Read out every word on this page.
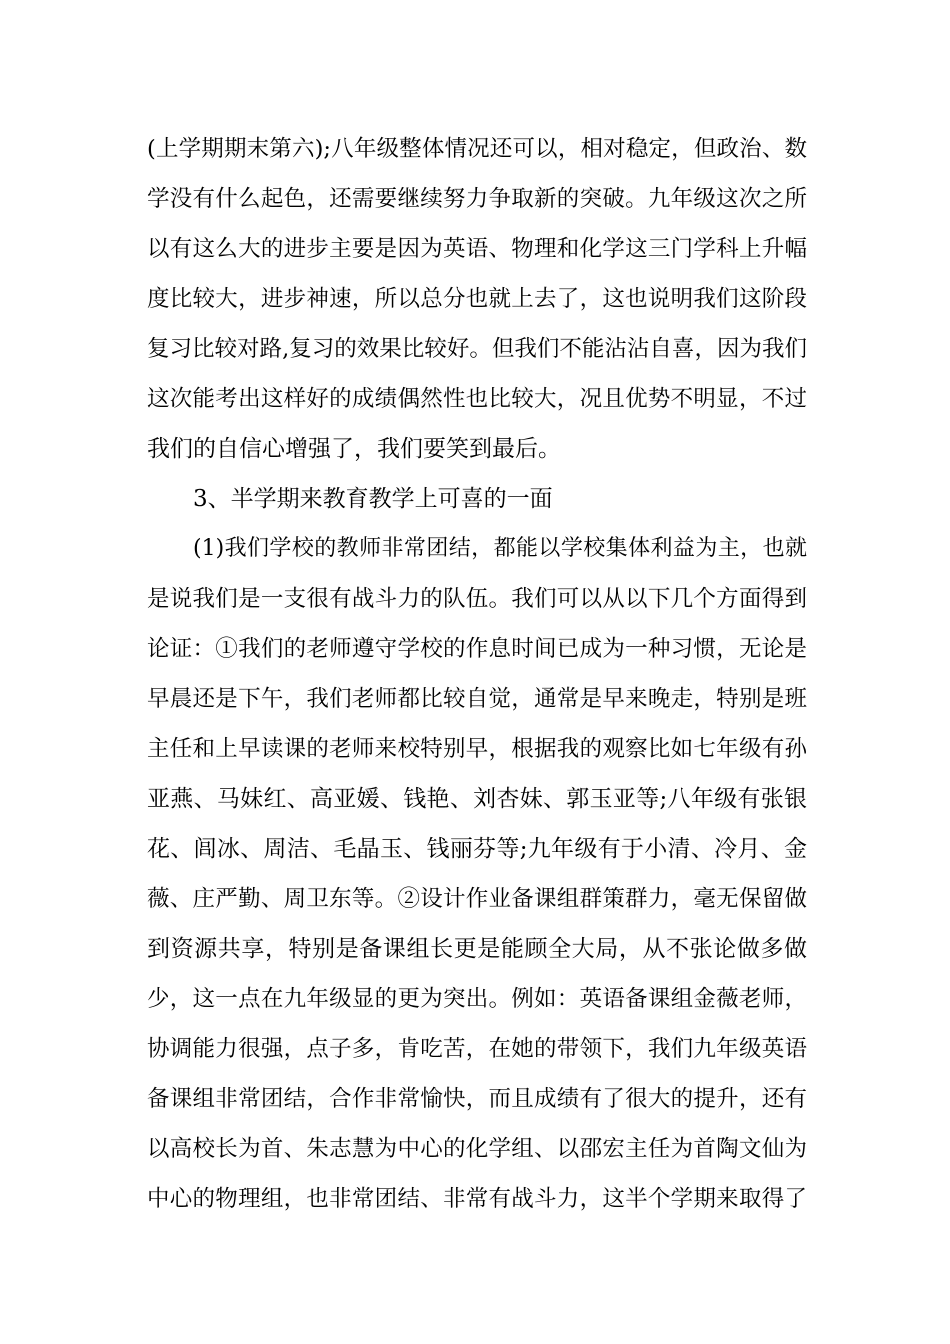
(上学期期末第六);八年级整体情况还可以，相对稳定，但政治、数
学没有什么起色，还需要继续努力争取新的突破。九年级这次之所
以有这么大的进步主要是因为英语、物理和化学这三门学科上升幅
度比较大，进步神速，所以总分也就上去了，这也说明我们这阶段
复习比较对路,复习的效果比较好。但我们不能沾沾自喜，因为我们
这次能考出这样好的成绩偶然性也比较大，况且优势不明显，不过
我们的自信心增强了，我们要笑到最后。
3、半学期来教育教学上可喜的一面
(1)我们学校的教师非常团结，都能以学校集体利益为主，也就
是说我们是一支很有战斗力的队伍。我们可以从以下几个方面得到
论证：①我们的老师遵守学校的作息时间已成为一种习惯，无论是
早晨还是下午，我们老师都比较自觉，通常是早来晚走，特别是班
主任和上早读课的老师来校特别早，根据我的观察比如七年级有孙
亚燕、马妹红、高亚媛、钱艳、刘杏妹、郭玉亚等;八年级有张银
花、闾冰、周洁、毛晶玉、钱丽芬等;九年级有于小清、冷月、金
薇、庄严勤、周卫东等。②设计作业备课组群策群力，毫无保留做
到资源共享，特别是备课组长更是能顾全大局，从不张论做多做
少，这一点在九年级显的更为突出。例如：英语备课组金薇老师，
协调能力很强，点子多，肯吃苦，在她的带领下，我们九年级英语
备课组非常团结，合作非常愉快，而且成绩有了很大的提升，还有
以高校长为首、朱志慧为中心的化学组、以邵宏主任为首陶文仙为
中心的物理组，也非常团结、非常有战斗力，这半个学期来取得了
